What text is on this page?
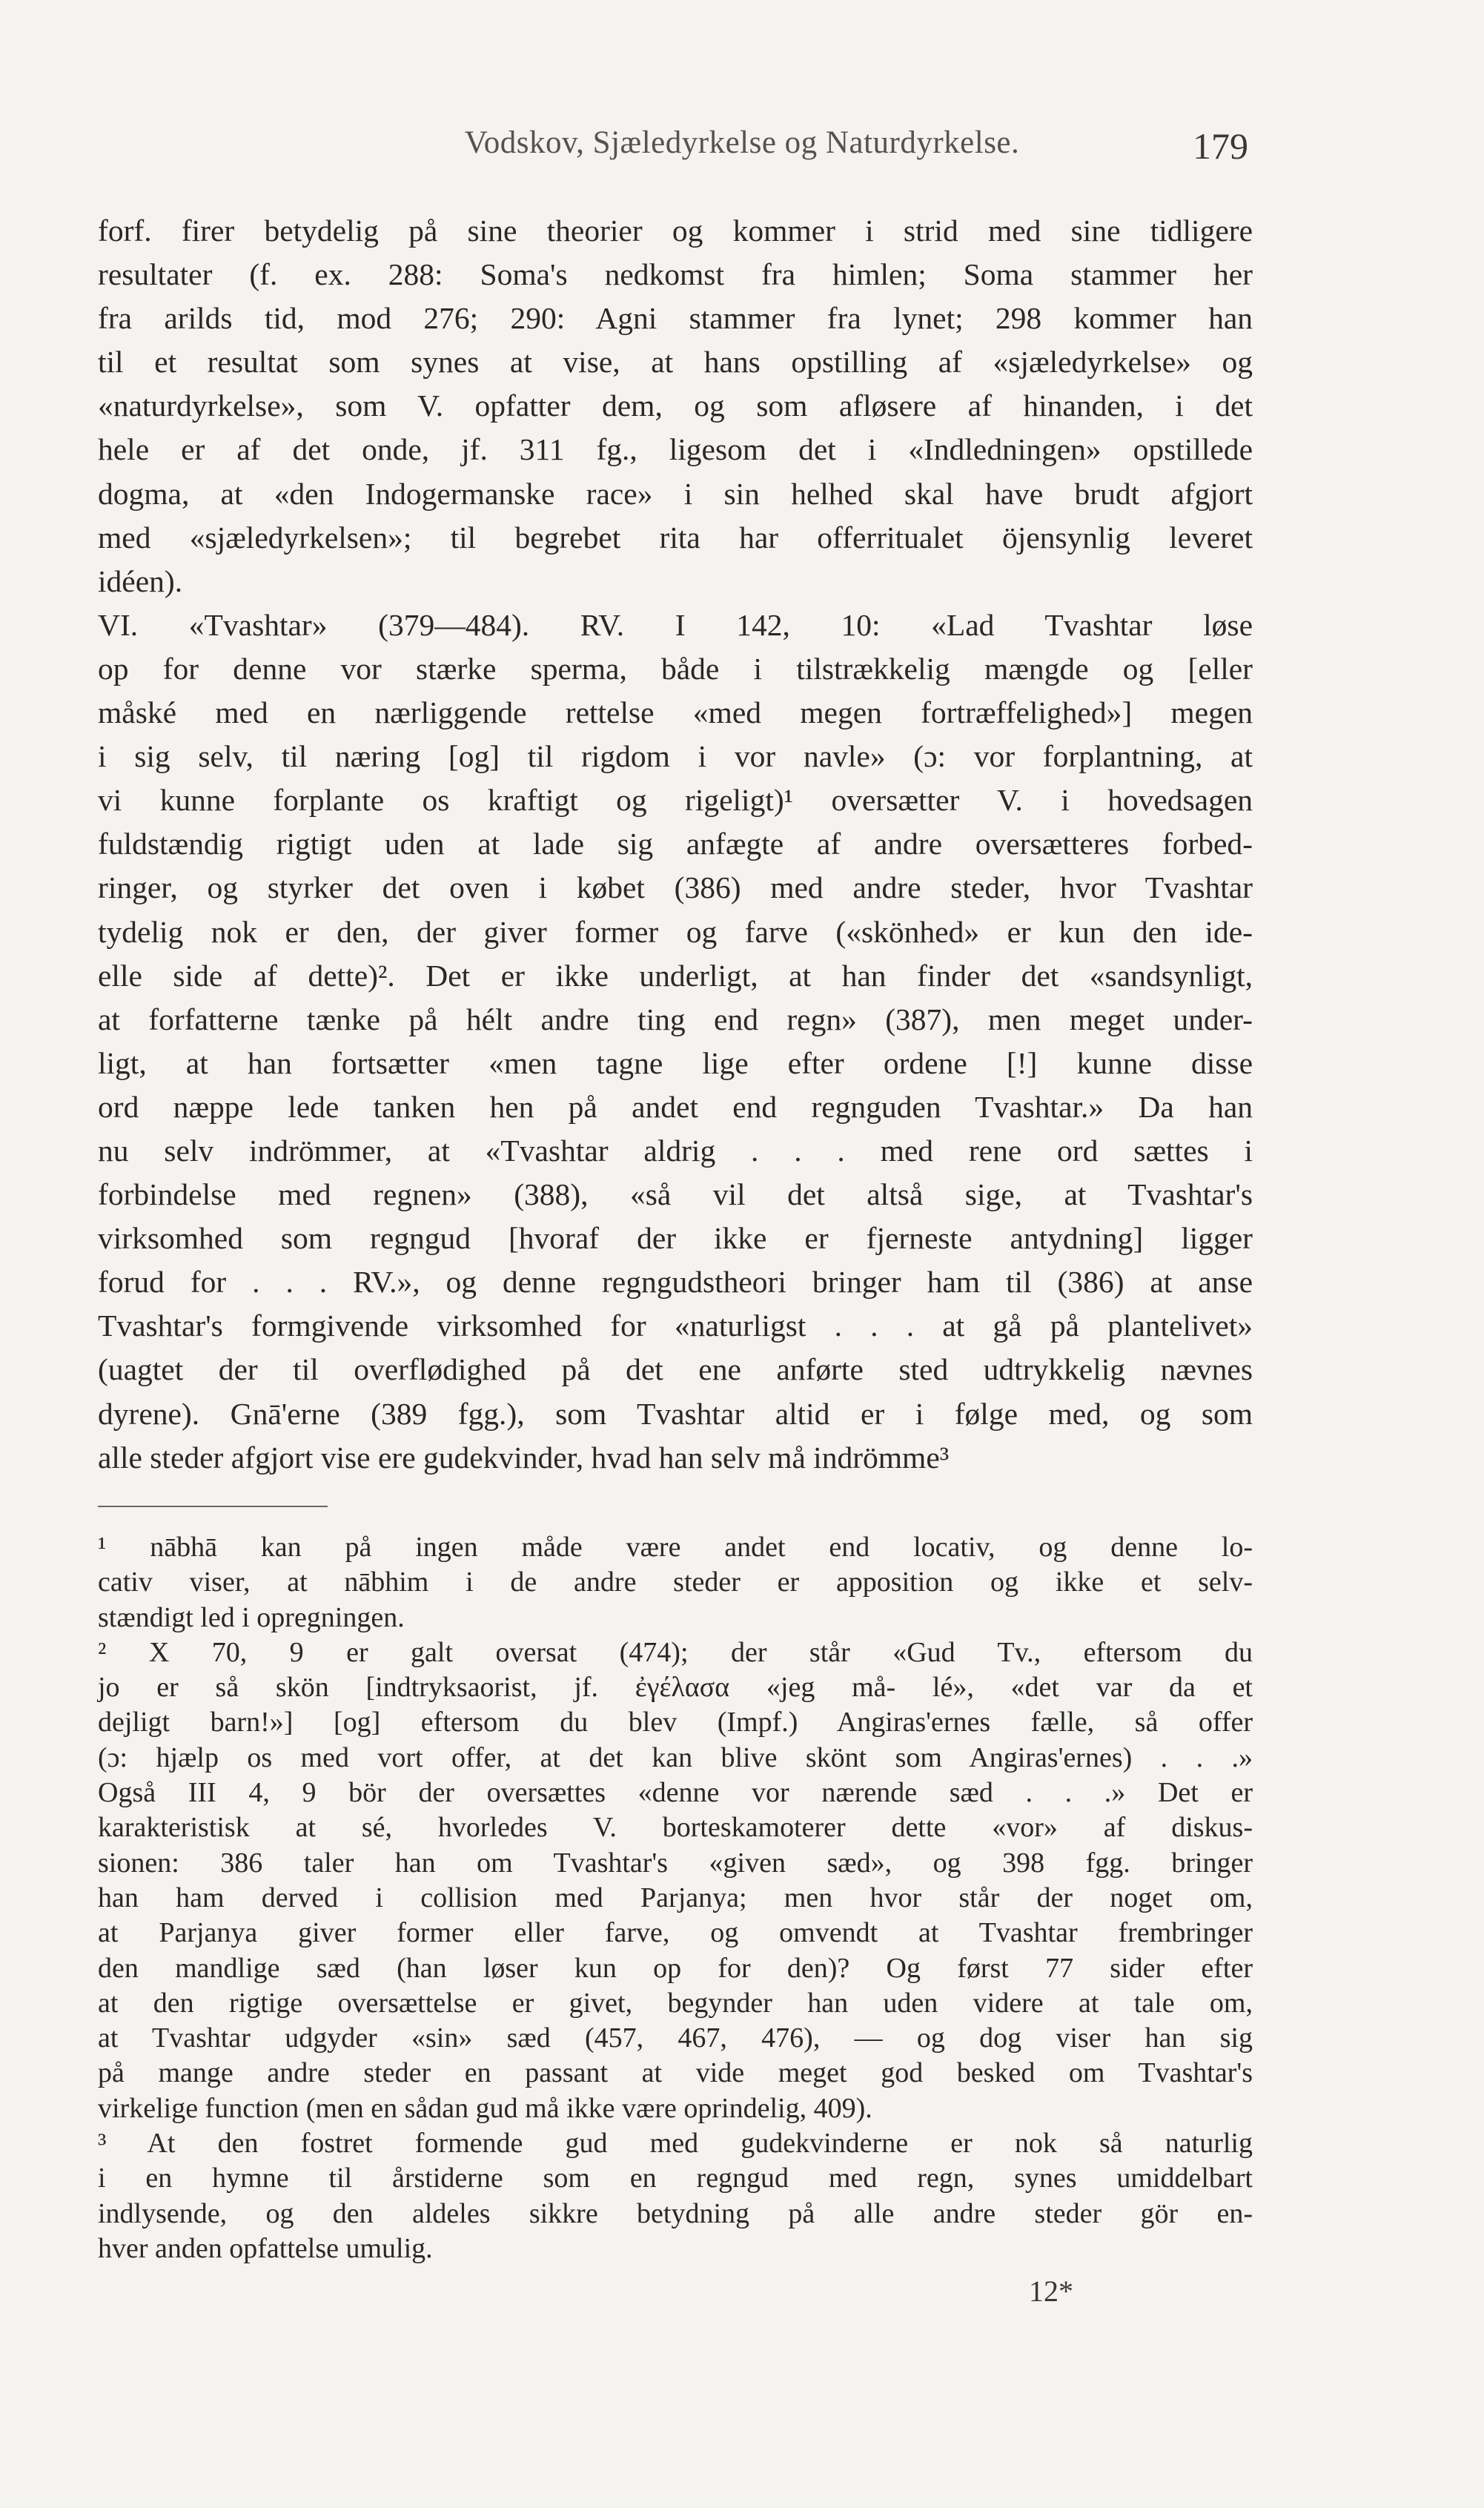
Vodskov, Sjæledyrkelse og Naturdyrkelse.	179
forf. firer betydelig på sine theorier og kommer i strid med sine tidligere
resultater (f. ex. 288: Soma's nedkomst fra himlen; Soma stammer her
fra arilds tid, mod 276; 290: Agni stammer fra lynet; 298 kommer han
til et resultat som synes at vise, at hans opstilling af «sjæledyrkelse» og
«naturdyrkelse», som V. opfatter dem, og som afløsere af hinanden, i det
hele er af det onde, jf. 311 fg., ligesom det i «Indledningen» opstillede
dogma, at «den Indogermanske race» i sin helhed skal have brudt afgjort
med «sjæledyrkelsen»; til begrebet rita har offerritualet öjensynlig leveret
idéen).
VI. «Tvashtar» (379—484). RV. I 142, 10: «Lad Tvashtar løse
op for denne vor stærke sperma, både i tilstrækkelig mængde og [eller
måské med en nærliggende rettelse «med megen fortræffelighed»] megen
i sig selv, til næring [og] til rigdom i vor navle» (ɔ: vor forplantning, at
vi kunne forplante os kraftigt og rigeligt)¹ oversætter V. i hovedsagen
fuldstændig rigtigt uden at lade sig anfægte af andre oversætteres forbed-
ringer, og styrker det oven i købet (386) med andre steder, hvor Tvashtar
tydelig nok er den, der giver former og farve («skönhed» er kun den ide-
elle side af dette)². Det er ikke underligt, at han finder det «sandsynligt,
at forfatterne tænke på hélt andre ting end regn» (387), men meget under-
ligt, at han fortsætter «men tagne lige efter ordene [!] kunne disse
ord næppe lede tanken hen på andet end regnguden Tvashtar.» Da han
nu selv indrömmer, at «Tvashtar aldrig . . . med rene ord sættes i
forbindelse med regnen» (388), «så vil det altså sige, at Tvashtar's
virksomhed som regngud [hvoraf der ikke er fjerneste antydning] ligger
forud for . . . RV.», og denne regngudstheori bringer ham til (386) at anse
Tvashtar's formgivende virksomhed for «naturligst . . . at gå på plantelivet»
(uagtet der til overflødighed på det ene anførte sted udtrykkelig nævnes
dyrene). Gnā'erne (389 fgg.), som Tvashtar altid er i følge med, og som
alle steder afgjort vise ere gudekvinder, hvad han selv må indrömme³
¹ nābhā kan på ingen måde være andet end locativ, og denne lo-
cativ viser, at nābhim i de andre steder er apposition og ikke et selv-
stændigt led i opregningen.
² X 70, 9 er galt oversat (474); der står «Gud Tv., eftersom du
jo er så skön [indtryksaorist, jf. ἐγέλασα «jeg må- lé», «det var da et
dejligt barn!»] [og] eftersom du blev (Impf.) Angiras'ernes fælle, så offer
(ɔ: hjælp os med vort offer, at det kan blive skönt som Angiras'ernes) . . .»
Også III 4, 9 bör der oversættes «denne vor nærende sæd . . .» Det er
karakteristisk at sé, hvorledes V. borteskamoterer dette «vor» af diskus-
sionen: 386 taler han om Tvashtar's «given sæd», og 398 fgg. bringer
han ham derved i collision med Parjanya; men hvor står der noget om,
at Parjanya giver former eller farve, og omvendt at Tvashtar frembringer
den mandlige sæd (han løser kun op for den)? Og først 77 sider efter
at den rigtige oversættelse er givet, begynder han uden videre at tale om,
at Tvashtar udgyder «sin» sæd (457, 467, 476), — og dog viser han sig
på mange andre steder en passant at vide meget god besked om Tvashtar's
virkelige function (men en sådan gud må ikke være oprindelig, 409).
³ At den fostret formende gud med gudekvinderne er nok så naturlig
i en hymne til årstiderne som en regngud med regn, synes umiddelbart
indlysende, og den aldeles sikkre betydning på alle andre steder gör en-
hver anden opfattelse umulig.
12*
